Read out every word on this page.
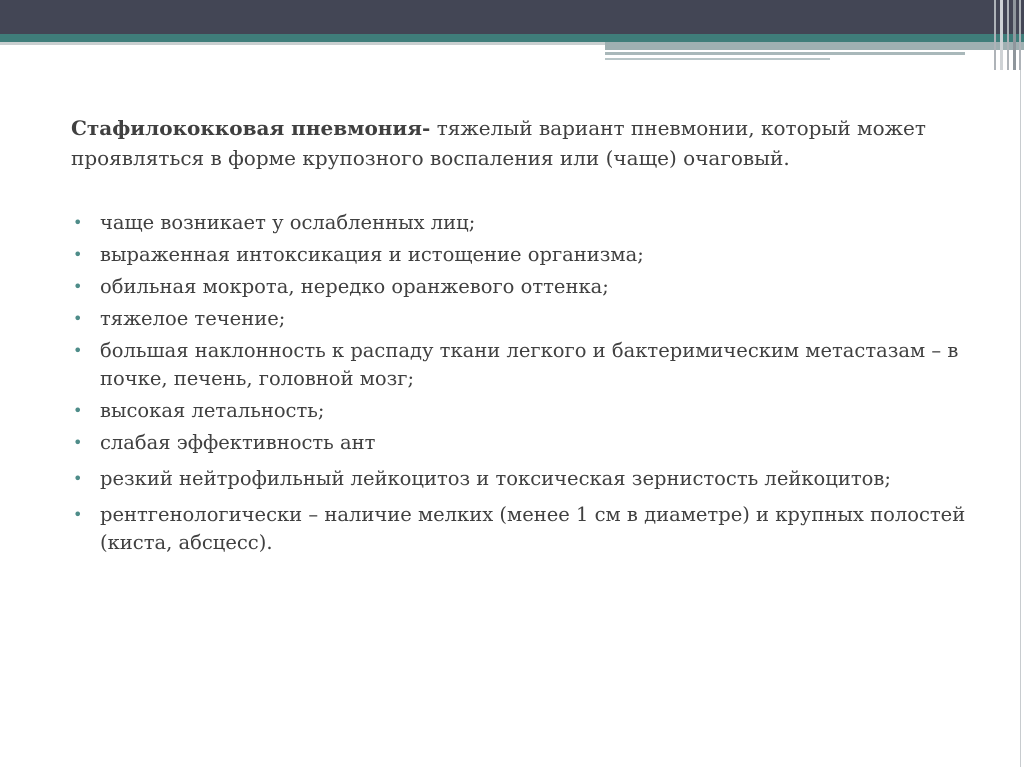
Стафилококковая пневмония- тяжелый вариант пневмонии, который может проявляться в форме крупозного воспаления или (чаще) очаговый.

• чаще возникает у ослабленных лиц;
• выраженная интоксикация и истощение организма;
• обильная мокрота, нередко оранжевого оттенка;
• тяжелое течение;
• большая наклонность к распаду ткани легкого и бактеримическим метастазам – в почке, печень, головной мозг;
• высокая летальность;
• слабая эффективность ант
• резкий нейтрофильный лейкоцитоз и токсическая зернистость лейкоцитов;
• рентгенологически – наличие мелких (менее 1 см в диаметре) и крупных полостей (киста, абсцесс).
